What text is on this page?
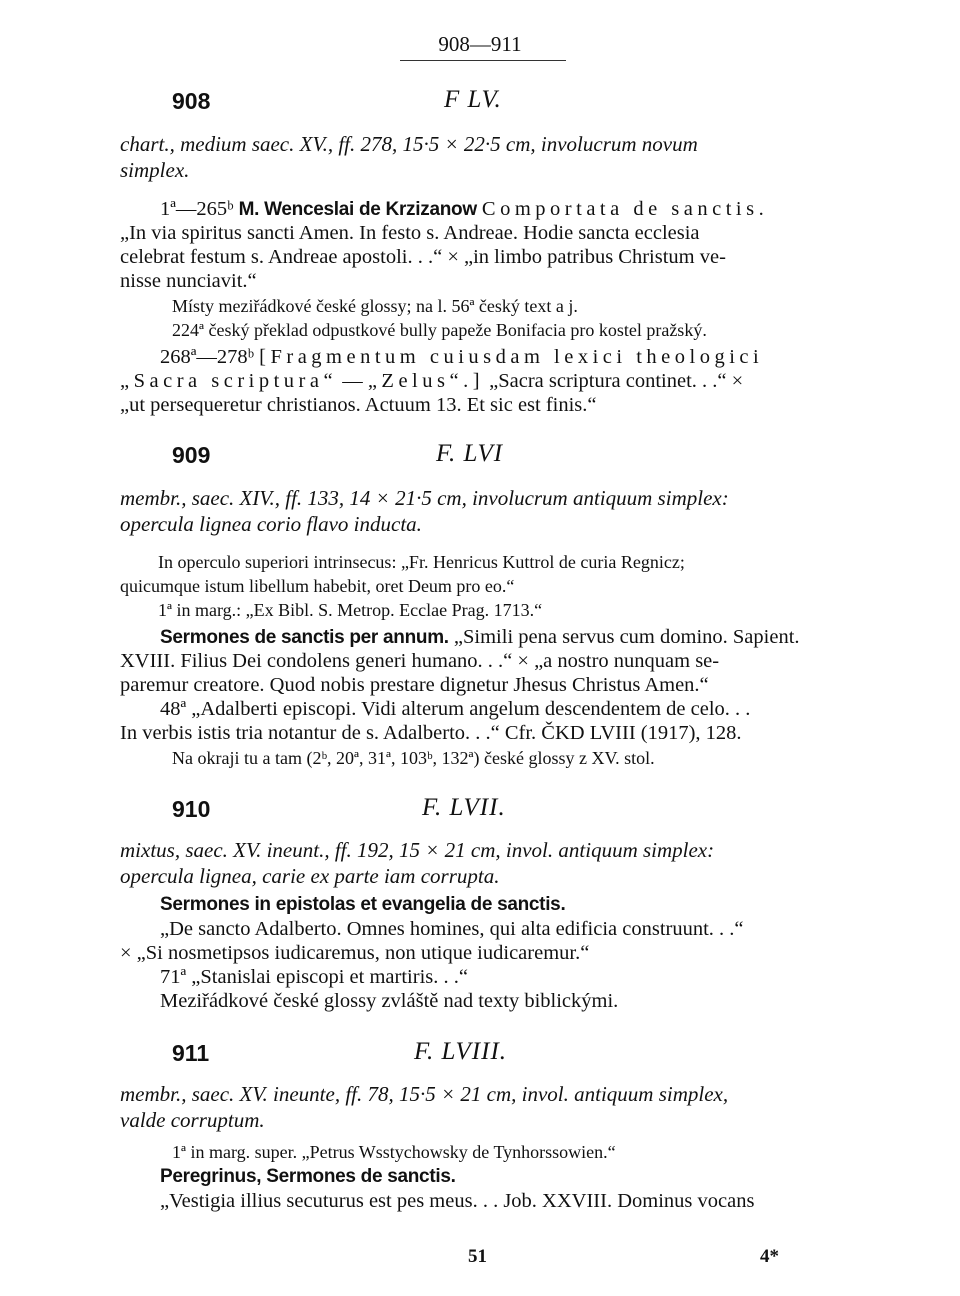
908—911
908	F LV.
chart., medium saec. XV., ff. 278, 15·5 × 22·5 cm, involucrum novum
simplex.
1ª—265ᵇ M. Wenceslai de Krzizanow Comportata de sanctis.
„In via spiritus sancti Amen. In festo s. Andreae. Hodie sancta ecclesia
celebrat festum s. Andreae apostoli. . .“ × „in limbo patribus Christum ve-
nisse nunciavit.“
Místy meziřádkové české glossy; na l. 56ª český text a j.
224ª český překlad odpustkové bully papeže Bonifacia pro kostel pražský.
268ª—278ᵇ [Fragmentum cuiusdam lexici theologici
„Sacra scriptura“ — „Zelus“.] „Sacra scriptura continet. . .“ ×
„ut persequeretur christianos. Actuum 13. Et sic est finis.“
909	F. LVI
membr., saec. XIV., ff. 133, 14 × 21·5 cm, involucrum antiquum simplex:
opercula lignea corio flavo inducta.
In operculo superiori intrinsecus: „Fr. Henricus Kuttrol de curia Regnicz;
quicumque istum libellum habebit, oret Deum pro eo.“
1ª in marg.: „Ex Bibl. S. Metrop. Ecclae Prag. 1713.“
Sermones de sanctis per annum. „Simili pena servus cum domino. Sapient.
XVIII. Filius Dei condolens generi humano. . .“ × „a nostro nunquam se-
paremur creatore. Quod nobis prestare dignetur Jhesus Christus Amen.“
48ª „Adalberti episcopi. Vidi alterum angelum descendentem de celo. . .
In verbis istis tria notantur de s. Adalberto. . .“ Cfr. ČKD LVIII (1917), 128.
Na okraji tu a tam (2ᵇ, 20ª, 31ª, 103ᵇ, 132ª) české glossy z XV. stol.
910	F. LVII.
mixtus, saec. XV. ineunt., ff. 192, 15 × 21 cm, invol. antiquum simplex:
opercula lignea, carie ex parte iam corrupta.
Sermones in epistolas et evangelia de sanctis.
„De sancto Adalberto. Omnes homines, qui alta edificia construunt. . .“
× „Si nosmetipsos iudicaremus, non utique iudicaremur.“
71ª „Stanislai episcopi et martiris. . .“
Meziřádkové české glossy zvláště nad texty biblickými.
911	F. LVIII.
membr., saec. XV. ineunte, ff. 78, 15·5 × 21 cm, invol. antiquum simplex,
valde corruptum.
1ª in marg. super. „Petrus Wsstychowsky de Tynhorssowien.“
Peregrinus, Sermones de sanctis.
„Vestigia illius secuturus est pes meus. . . Job. XXVIII. Dominus vocans
51	4*
